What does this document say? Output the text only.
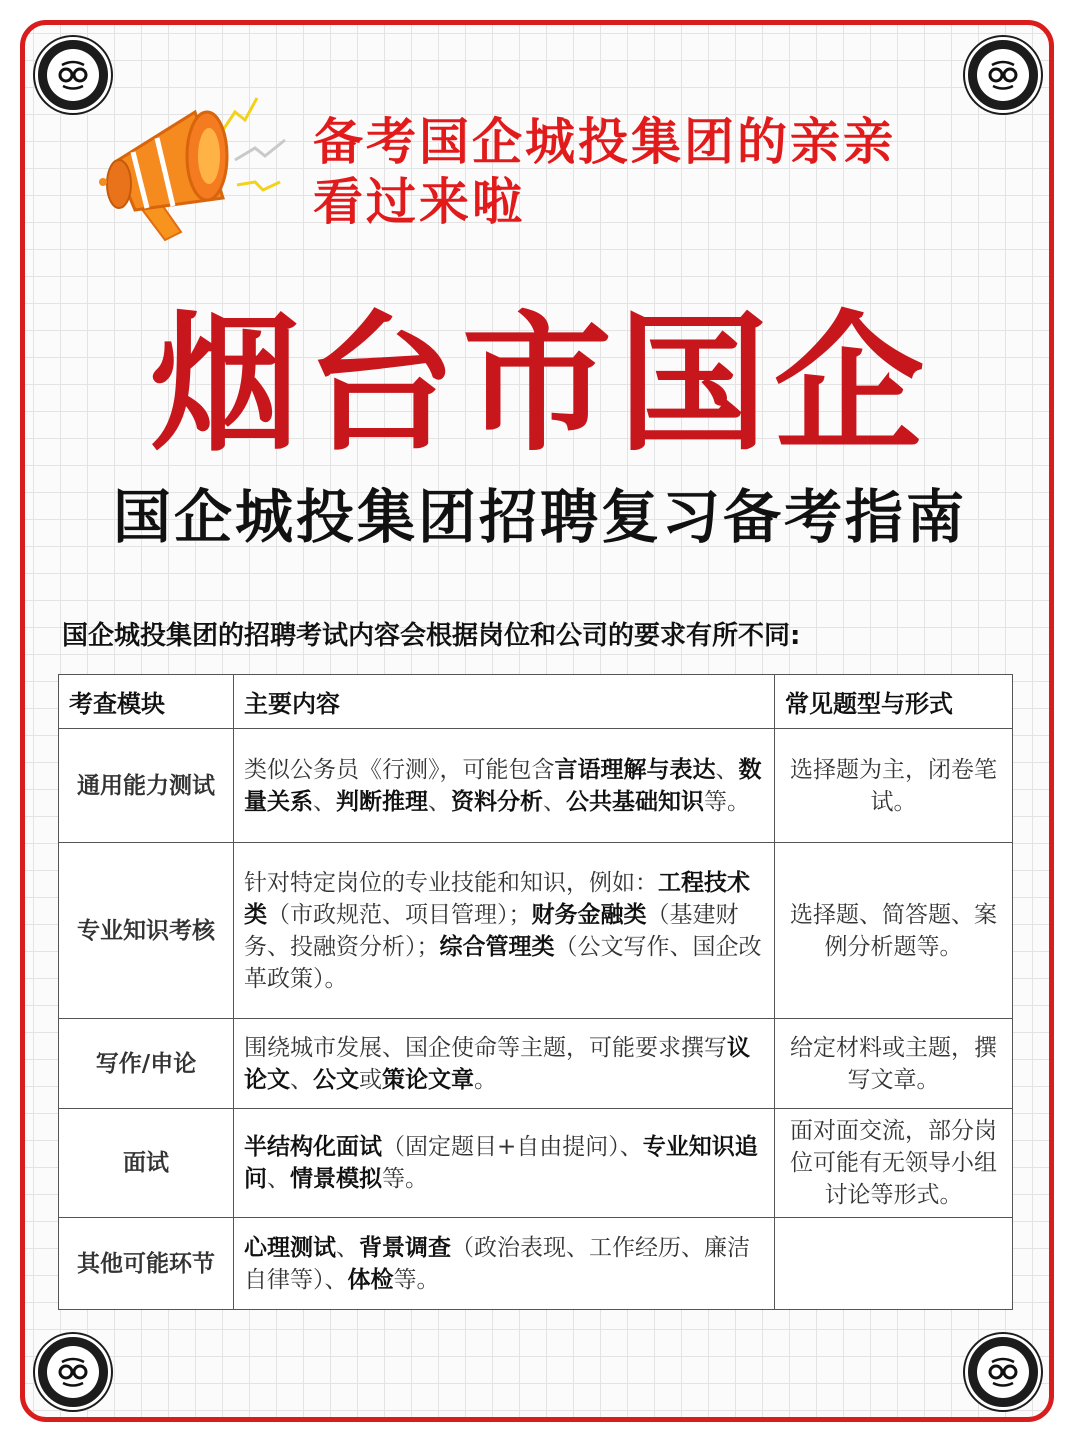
备考国企城投集团的亲亲
看过来啦
烟台市国企
国企城投集团招聘复习备考指南
国企城投集团的招聘考试内容会根据岗位和公司的要求有所不同:
考查模块	主要内容	常见题型与形式
通用能力测试	类似公务员《行测》，可能包含言语理解与表达、数量关系、判断推理、资料分析、公共基础知识等。	选择题为主，闭卷笔试。
专业知识考核	针对特定岗位的专业技能和知识，例如：工程技术类（市政规范、项目管理）；财务金融类（基建财务、投融资分析）；综合管理类（公文写作、国企改革政策）。	选择题、简答题、案例分析题等。
写作/申论	围绕城市发展、国企使命等主题，可能要求撰写议论文、公文或策论文章。	给定材料或主题，撰写文章。
面试	半结构化面试（固定题目+自由提问）、专业知识追问、情景模拟等。	面对面交流，部分岗位可能有无领导小组讨论等形式。
其他可能环节	心理测试、背景调查（政治表现、工作经历、廉洁自律等）、体检等。	
